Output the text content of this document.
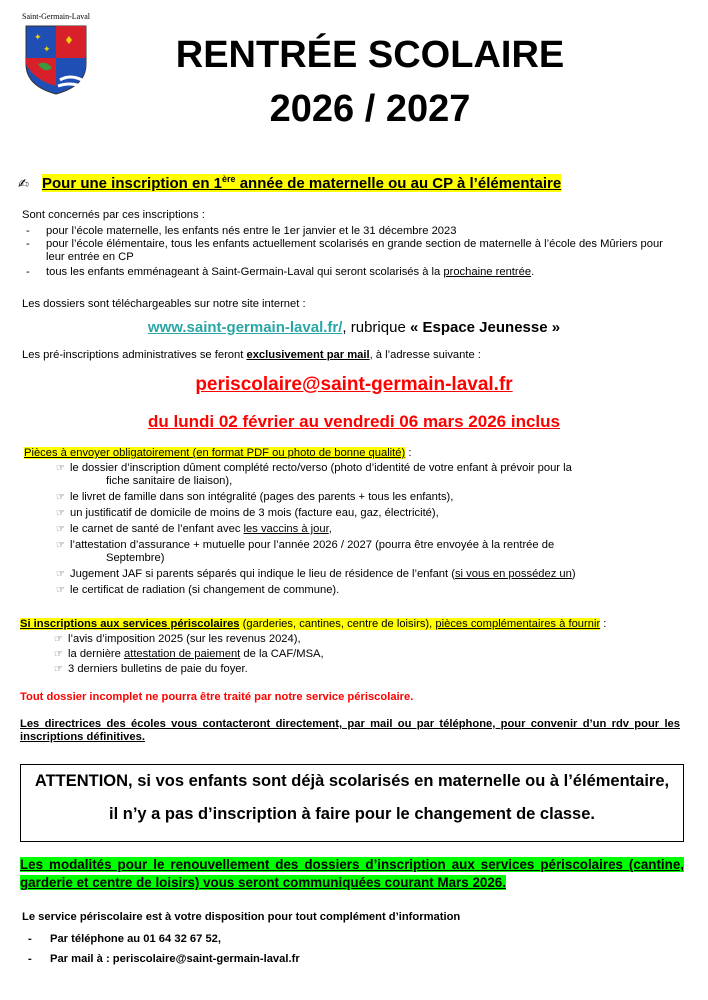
Saint-Germain-Laval
✦
✦
♦	RENTRÉE SCOLAIRE
2026 / 2027
✍ Pour une inscription en 1ère année de maternelle ou au CP à l’élémentaire
Sont concernés par ces inscriptions :
- pour l’école maternelle, les enfants nés entre le 1er janvier et le 31 décembre 2023
- pour l’école élémentaire, tous les enfants actuellement scolarisés en grande section de maternelle à l’école des Mûriers pour leur entrée en CP
- tous les enfants emménageant à Saint-Germain-Laval qui seront scolarisés à la prochaine rentrée.
Les dossiers sont téléchargeables sur notre site internet :
www.saint-germain-laval.fr/, rubrique « Espace Jeunesse »
Les pré-inscriptions administratives se feront exclusivement par mail, à l’adresse suivante :
periscolaire@saint-germain-laval.fr
du lundi 02 février au vendredi 06 mars 2026 inclus
Pièces à envoyer obligatoirement (en format PDF ou photo de bonne qualité) :
☞ le dossier d’inscription dûment complété recto/verso (photo d’identité de votre enfant à prévoir pour la
fiche sanitaire de liaison),
☞ le livret de famille dans son intégralité (pages des parents + tous les enfants),
☞ un justificatif de domicile de moins de 3 mois (facture eau, gaz, électricité),
☞ le carnet de santé de l’enfant avec les vaccins à jour,
☞ l’attestation d’assurance + mutuelle pour l’année 2026 / 2027 (pourra être envoyée à la rentrée de
Septembre)
☞ Jugement JAF si parents séparés qui indique le lieu de résidence de l’enfant (si vous en possédez un)
☞ le certificat de radiation (si changement de commune).
Si inscriptions aux services périscolaires (garderies, cantines, centre de loisirs), pièces complémentaires à fournir :
☞ l’avis d’imposition 2025 (sur les revenus 2024),
☞ la dernière attestation de paiement de la CAF/MSA,
☞ 3 derniers bulletins de paie du foyer.
Tout dossier incomplet ne pourra être traité par notre service périscolaire.
Les directrices des écoles vous contacteront directement, par mail ou par téléphone, pour convenir d’un rdv pour les inscriptions définitives.
ATTENTION, si vos enfants sont déjà scolarisés en maternelle ou à l’élémentaire,
il n’y a pas d’inscription à faire pour le changement de classe.
Les modalités pour le renouvellement des dossiers d’inscription aux services périscolaires (cantine, garderie et centre de loisirs) vous seront communiquées courant Mars 2026.
Le service périscolaire est à votre disposition pour tout complément d’information
- Par téléphone au 01 64 32 67 52,
- Par mail à : periscolaire@saint-germain-laval.fr
